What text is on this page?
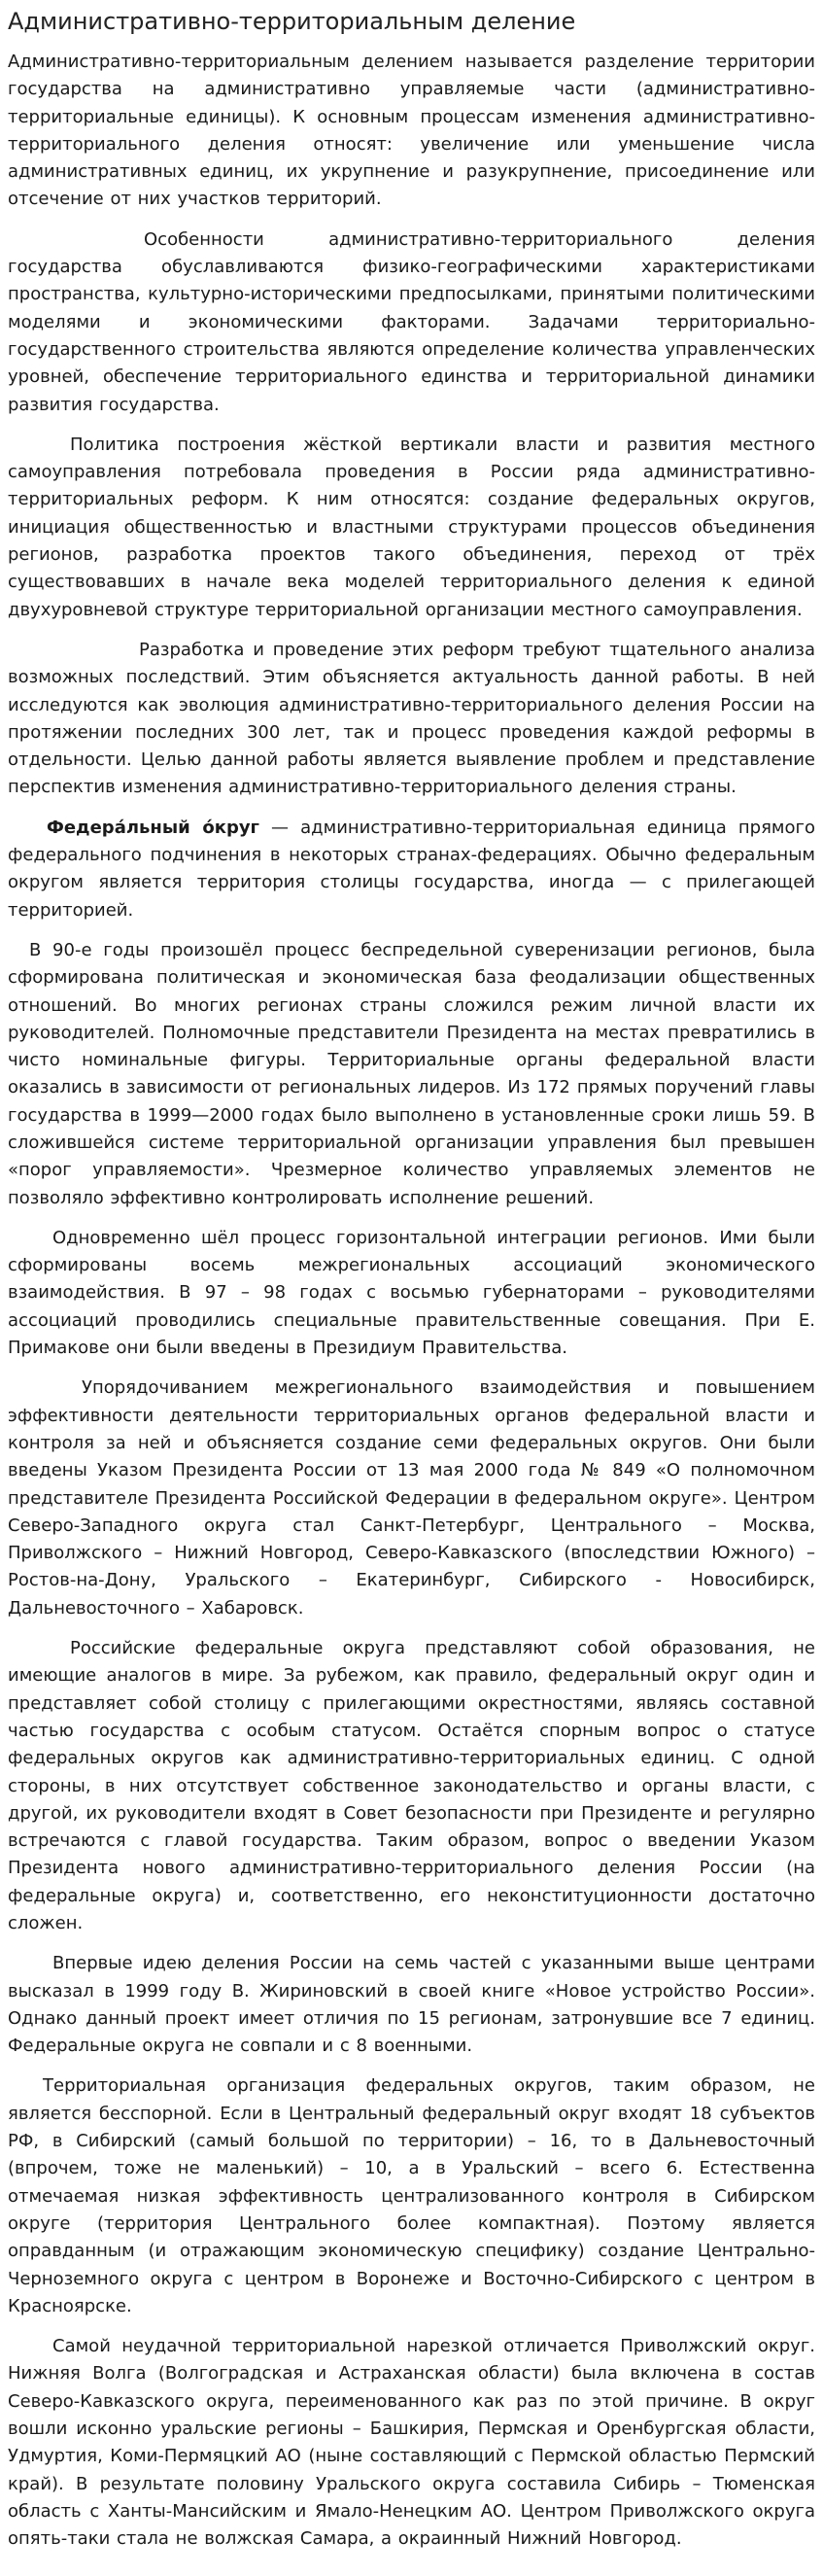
Административно-территориальным деление

Административно-территориальным делением называется разделение территории государства на административно управляемые части (административно-территориальные единицы). К основным процессам изменения административно-территориального деления относят: увеличение или уменьшение числа административных единиц, их укрупнение и разукрупнение, присоединение или отсечение от них участков территорий.

Особенности административно-территориального деления государства обуславливаются физико-географическими характеристиками пространства, культурно-историческими предпосылками, принятыми политическими моделями и экономическими факторами. Задачами территориально-государственного строительства являются определение количества управленческих уровней, обеспечение территориального единства и территориальной динамики развития государства.

Политика построения жёсткой вертикали власти и развития местного самоуправления потребовала проведения в России ряда административно-территориальных реформ. К ним относятся: создание федеральных округов, инициация общественностью и властными структурами процессов объединения регионов, разработка проектов такого объединения, переход от трёх существовавших в начале века моделей территориального деления к единой двухуровневой структуре территориальной организации местного самоуправления.

Разработка и проведение этих реформ требуют тщательного анализа возможных последствий. Этим объясняется актуальность данной работы. В ней исследуются как эволюция административно-территориального деления России на протяжении последних 300 лет, так и процесс проведения каждой реформы в отдельности. Целью данной работы является выявление проблем и представление перспектив изменения административно-территориального деления страны.

Федера́льный о́круг — административно-территориальная единица прямого федерального подчинения в некоторых странах-федерациях. Обычно федеральным округом является территория столицы государства, иногда — с прилегающей территорией.

В 90-е годы произошёл процесс беспредельной суверенизации регионов, была сформирована политическая и экономическая база феодализации общественных отношений. Во многих регионах страны сложился режим личной власти их руководителей. Полномочные представители Президента на местах превратились в чисто номинальные фигуры. Территориальные органы федеральной власти оказались в зависимости от региональных лидеров. Из 172 прямых поручений главы государства в 1999—2000 годах было выполнено в установленные сроки лишь 59. В сложившейся системе территориальной организации управления был превышен «порог управляемости». Чрезмерное количество управляемых элементов не позволяло эффективно контролировать исполнение решений.

Одновременно шёл процесс горизонтальной интеграции регионов. Ими были сформированы восемь межрегиональных ассоциаций экономического взаимодействия. В 97 – 98 годах с восьмью губернаторами – руководителями ассоциаций проводились специальные правительственные совещания. При Е. Примакове они были введены в Президиум Правительства.

Упорядочиванием межрегионального взаимодействия и повышением эффективности деятельности территориальных органов федеральной власти и контроля за ней и объясняется создание семи федеральных округов. Они были введены Указом Президента России от 13 мая 2000 года № 849 «О полномочном представителе Президента Российской Федерации в федеральном округе». Центром Северо-Западного округа стал Санкт-Петербург, Центрального – Москва, Приволжского – Нижний Новгород, Северо-Кавказского (впоследствии Южного) – Ростов-на-Дону, Уральского – Екатеринбург, Сибирского - Новосибирск, Дальневосточного – Хабаровск.

Российские федеральные округа представляют собой образования, не имеющие аналогов в мире. За рубежом, как правило, федеральный округ один и представляет собой столицу с прилегающими окрестностями, являясь составной частью государства с особым статусом. Остаётся спорным вопрос о статусе федеральных округов как административно-территориальных единиц. С одной стороны, в них отсутствует собственное законодательство и органы власти, с другой, их руководители входят в Совет безопасности при Президенте и регулярно встречаются с главой государства. Таким образом, вопрос о введении Указом Президента нового административно-территориального деления России (на федеральные округа) и, соответственно, его неконституционности достаточно сложен.

Впервые идею деления России на семь частей с указанными выше центрами высказал в 1999 году В. Жириновский в своей книге «Новое устройство России». Однако данный проект имеет отличия по 15 регионам, затронувшие все 7 единиц. Федеральные округа не совпали и с 8 военными.

Территориальная организация федеральных округов, таким образом, не является бесспорной. Если в Центральный федеральный округ входят 18 субъектов РФ, в Сибирский (самый большой по территории) – 16, то в Дальневосточный (впрочем, тоже не маленький) – 10, а в Уральский – всего 6. Естественна отмечаемая низкая эффективность централизованного контроля в Сибирском округе (территория Центрального более компактная). Поэтому является оправданным (и отражающим экономическую специфику) создание Центрально-Черноземного округа с центром в Воронеже и Восточно-Сибирского с центром в Красноярске.

Самой неудачной территориальной нарезкой отличается Приволжский округ. Нижняя Волга (Волгоградская и Астраханская области) была включена в состав Северо-Кавказского округа, переименованного как раз по этой причине. В округ вошли исконно уральские регионы – Башкирия, Пермская и Оренбургская области, Удмуртия, Коми-Пермяцкий АО (ныне составляющий с Пермской областью Пермский край). В результате половину Уральского округа составила Сибирь – Тюменская область с Ханты-Мансийским и Ямало-Ненецким АО. Центром Приволжского округа опять-таки стала не волжская Самара, а окраинный Нижний Новгород.
